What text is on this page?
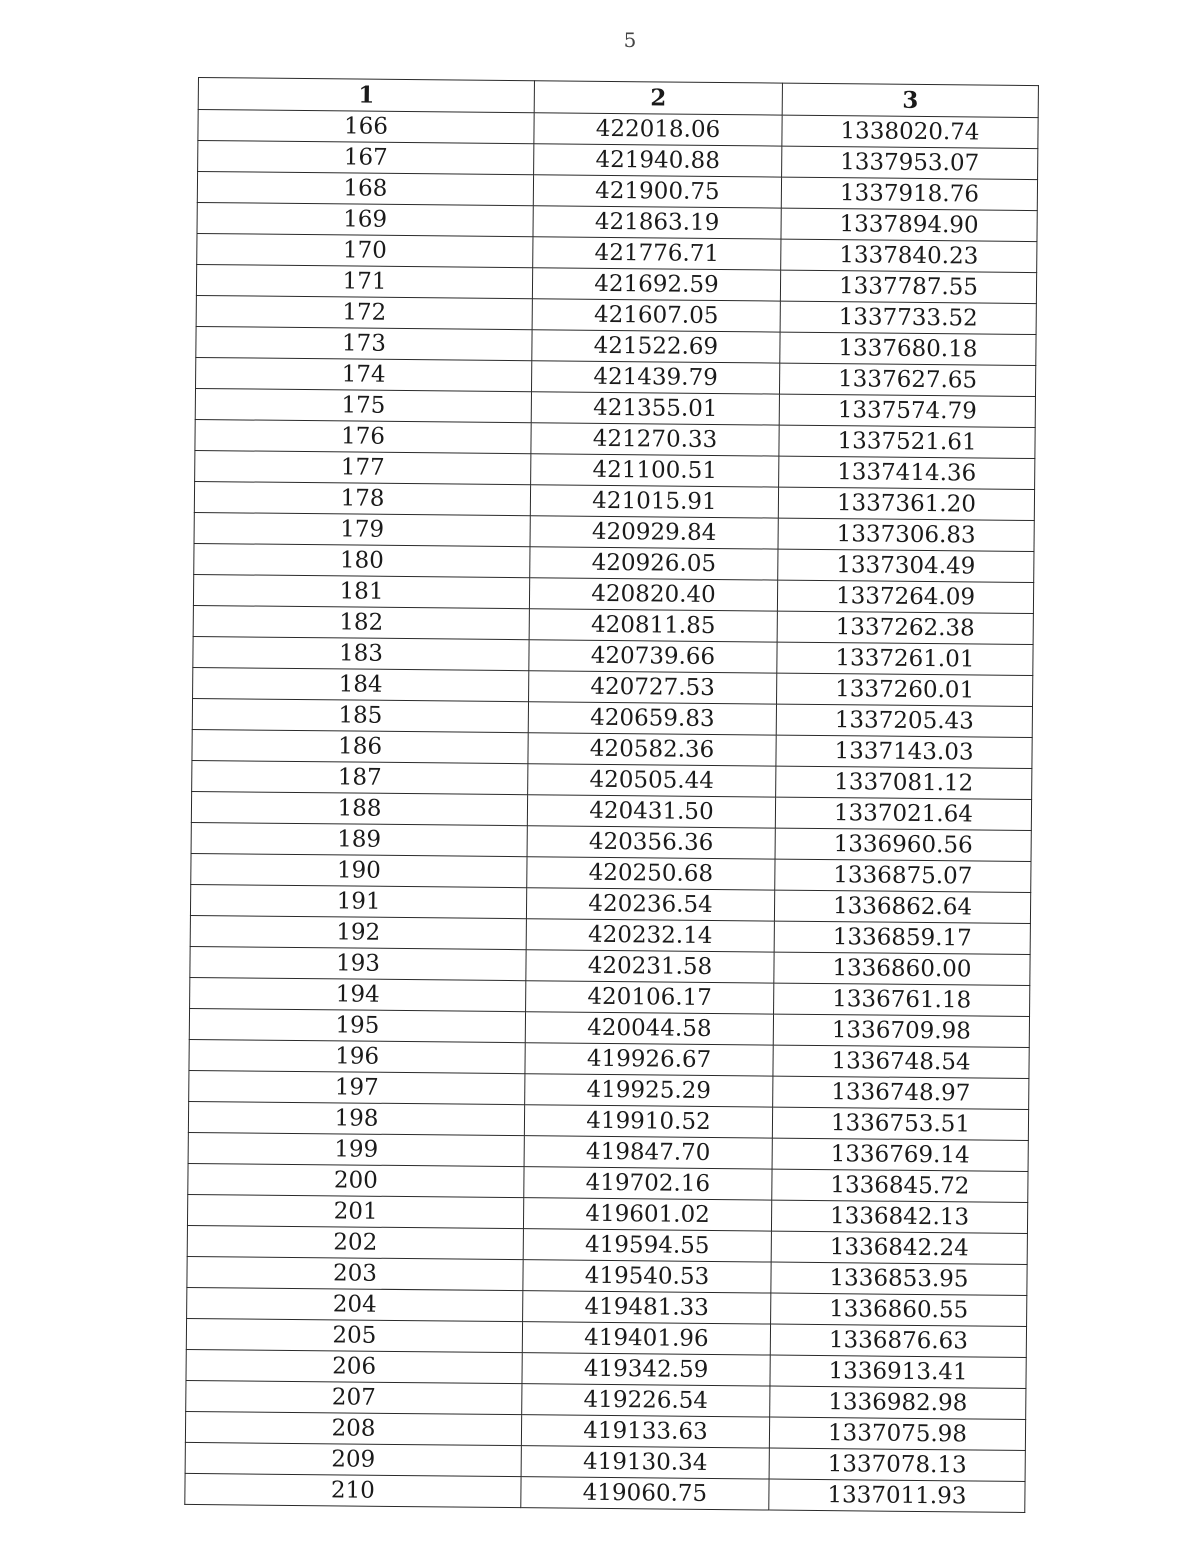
5
1	2	3
166	422018.06	1338020.74
167	421940.88	1337953.07
168	421900.75	1337918.76
169	421863.19	1337894.90
170	421776.71	1337840.23
171	421692.59	1337787.55
172	421607.05	1337733.52
173	421522.69	1337680.18
174	421439.79	1337627.65
175	421355.01	1337574.79
176	421270.33	1337521.61
177	421100.51	1337414.36
178	421015.91	1337361.20
179	420929.84	1337306.83
180	420926.05	1337304.49
181	420820.40	1337264.09
182	420811.85	1337262.38
183	420739.66	1337261.01
184	420727.53	1337260.01
185	420659.83	1337205.43
186	420582.36	1337143.03
187	420505.44	1337081.12
188	420431.50	1337021.64
189	420356.36	1336960.56
190	420250.68	1336875.07
191	420236.54	1336862.64
192	420232.14	1336859.17
193	420231.58	1336860.00
194	420106.17	1336761.18
195	420044.58	1336709.98
196	419926.67	1336748.54
197	419925.29	1336748.97
198	419910.52	1336753.51
199	419847.70	1336769.14
200	419702.16	1336845.72
201	419601.02	1336842.13
202	419594.55	1336842.24
203	419540.53	1336853.95
204	419481.33	1336860.55
205	419401.96	1336876.63
206	419342.59	1336913.41
207	419226.54	1336982.98
208	419133.63	1337075.98
209	419130.34	1337078.13
210	419060.75	1337011.93
